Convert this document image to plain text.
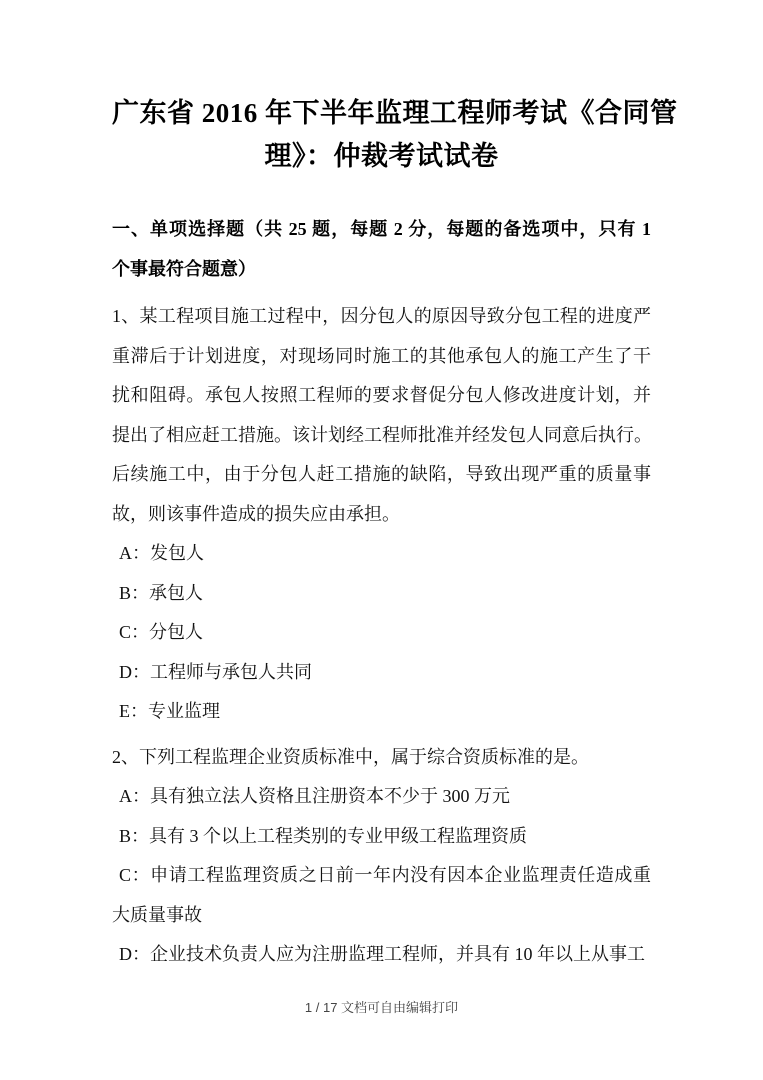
广东省 2016 年下半年监理工程师考试《合同管
理》：仲裁考试试卷
一、单项选择题（共 25 题，每题 2 分，每题的备选项中，只有 1
个事最符合题意）
1、某工程项目施工过程中，因分包人的原因导致分包工程的进度严
重滞后于计划进度，对现场同时施工的其他承包人的施工产生了干
扰和阻碍。承包人按照工程师的要求督促分包人修改进度计划，并
提出了相应赶工措施。该计划经工程师批准并经发包人同意后执行。
后续施工中，由于分包人赶工措施的缺陷，导致出现严重的质量事
故，则该事件造成的损失应由承担。
A：发包人
B：承包人
C：分包人
D：工程师与承包人共同
E：专业监理
2、下列工程监理企业资质标准中，属于综合资质标准的是。
A：具有独立法人资格且注册资本不少于 300 万元
B：具有 3 个以上工程类别的专业甲级工程监理资质
C：申请工程监理资质之日前一年内没有因本企业监理责任造成重
大质量事故
D：企业技术负责人应为注册监理工程师，并具有 10 年以上从事工
1 / 17 文档可自由编辑打印
